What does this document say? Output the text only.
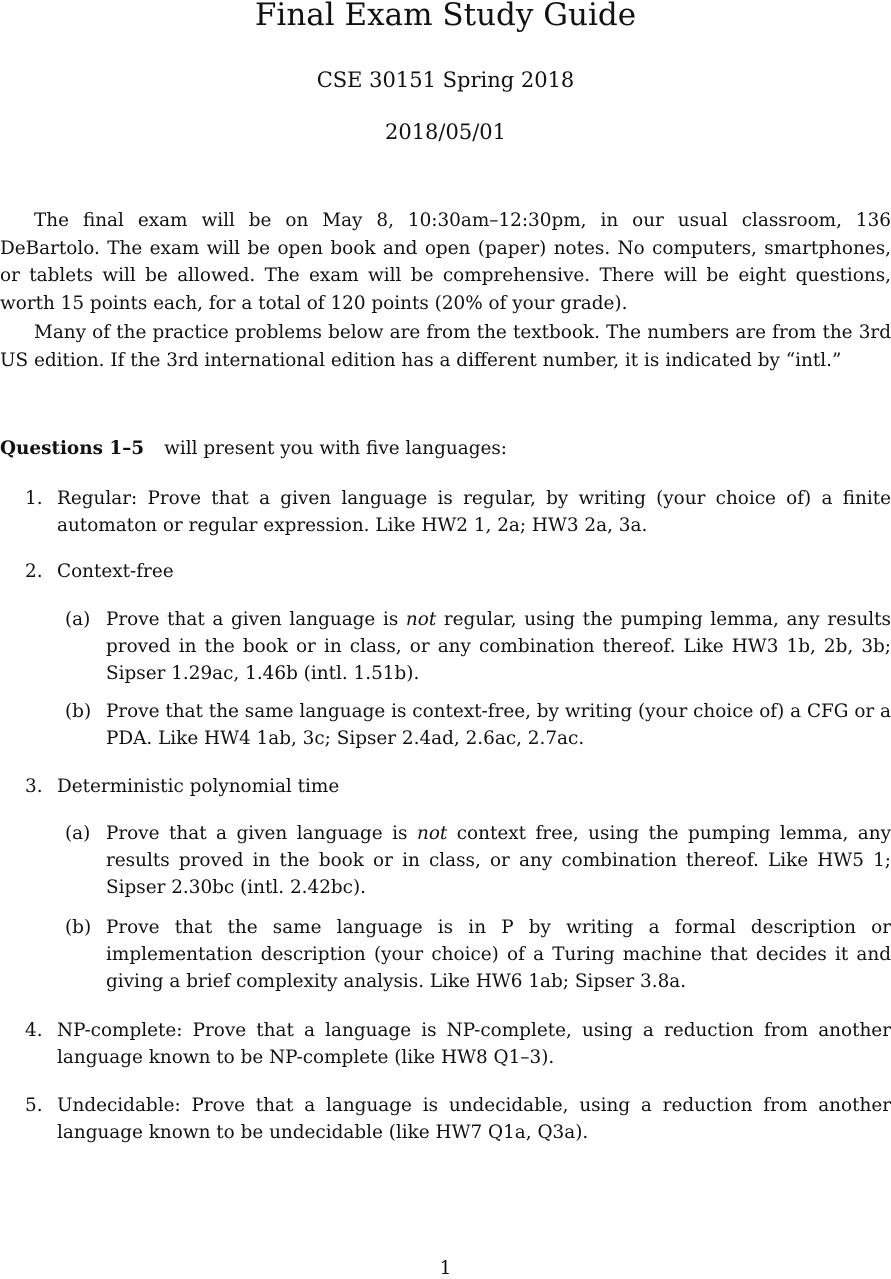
Final Exam Study Guide
CSE 30151 Spring 2018
2018/05/01

The final exam will be on May 8, 10:30am–12:30pm, in our usual classroom, 136 DeBartolo. The exam will be open book and open (paper) notes. No computers, smartphones, or tablets will be allowed. The exam will be comprehensive. There will be eight questions, worth 15 points each, for a total of 120 points (20% of your grade).

Many of the practice problems below are from the textbook. The numbers are from the 3rd US edition. If the 3rd international edition has a different number, it is indicated by “intl.”

Questions 1–5 will present you with five languages:
1. Regular: Prove that a given language is regular, by writing (your choice of) a finite automaton or regular expression. Like HW2 1, 2a; HW3 2a, 3a.
2. Context-free
(a) Prove that a given language is not regular, using the pumping lemma, any results proved in the book or in class, or any combination thereof. Like HW3 1b, 2b, 3b; Sipser 1.29ac, 1.46b (intl. 1.51b).
(b) Prove that the same language is context-free, by writing (your choice of) a CFG or a PDA. Like HW4 1ab, 3c; Sipser 2.4ad, 2.6ac, 2.7ac.
3. Deterministic polynomial time
(a) Prove that a given language is not context free, using the pumping lemma, any results proved in the book or in class, or any combination thereof. Like HW5 1; Sipser 2.30bc (intl. 2.42bc).
(b) Prove that the same language is in P by writing a formal description or implementation description (your choice) of a Turing machine that decides it and giving a brief complexity analysis. Like HW6 1ab; Sipser 3.8a.
4. NP-complete: Prove that a language is NP-complete, using a reduction from another language known to be NP-complete (like HW8 Q1–3).
5. Undecidable: Prove that a language is undecidable, using a reduction from another language known to be undecidable (like HW7 Q1a, Q3a).
1
